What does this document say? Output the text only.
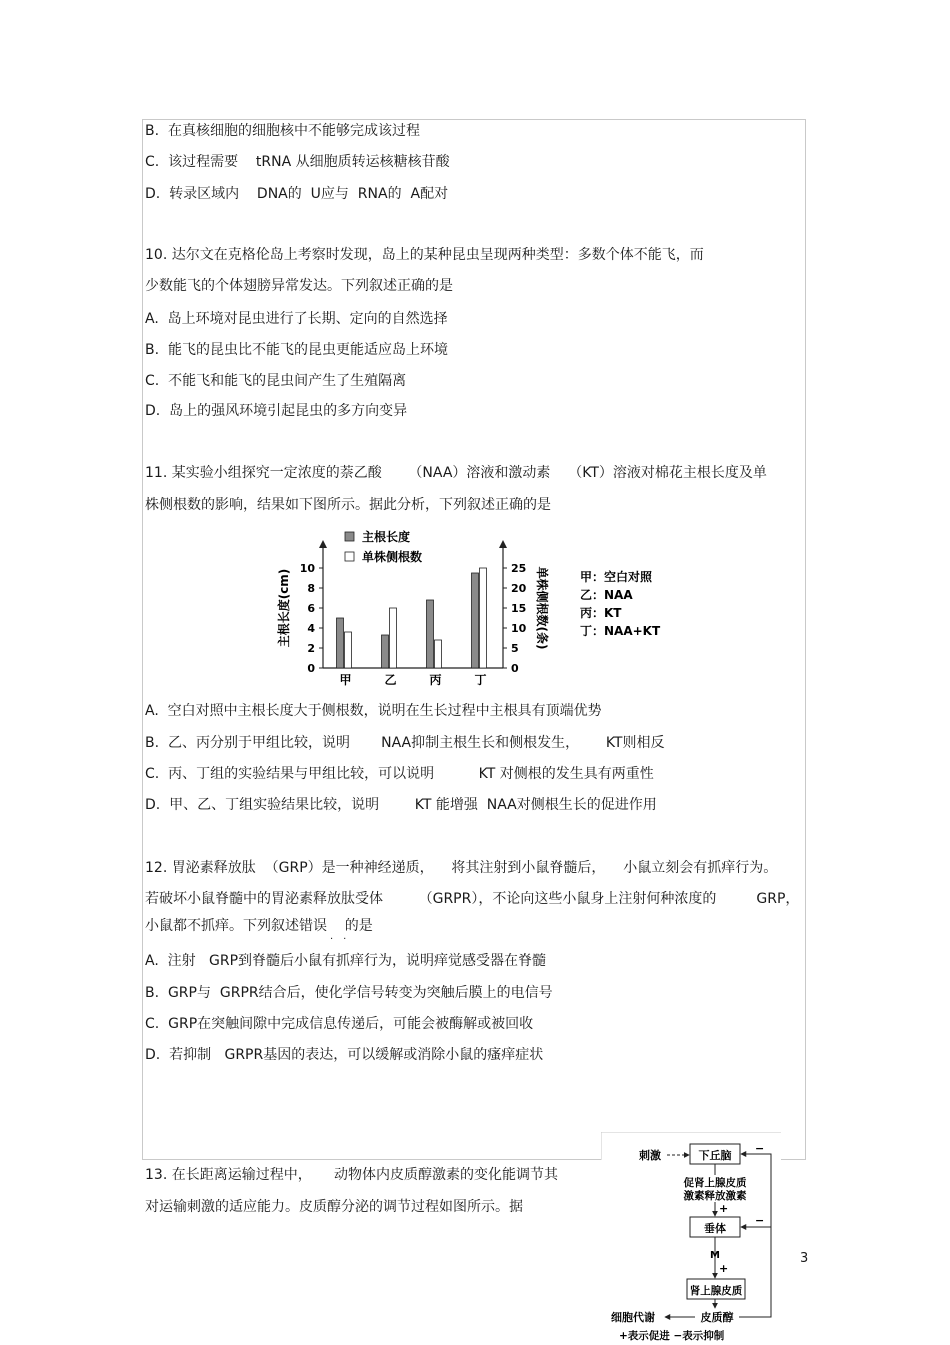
B.  在真核细胞的细胞核中不能够完成该过程
C.  该过程需要    tRNA 从细胞质转运核糖核苷酸
D.  转录区域内    DNA的  U应与  RNA的  A配对
10. 达尔文在克格伦岛上考察时发现，岛上的某种昆虫呈现两种类型：多数个体不能飞，而
少数能飞的个体翅膀异常发达。下列叙述正确的是
A.  岛上环境对昆虫进行了长期、定向的自然选择
B.  能飞的昆虫比不能飞的昆虫更能适应岛上环境
C.  不能飞和能飞的昆虫间产生了生殖隔离
D.  岛上的强风环境引起昆虫的多方向变异
11. 某实验小组探究一定浓度的萘乙酸      （NAA）溶液和激动素    （KT）溶液对棉花主根长度及单
株侧根数的影响，结果如下图所示。据此分析，下列叙述正确的是
0
2
4
6
8
10
0
5
10
15
20
25
甲	乙	丙	丁
主根长度(cm)	单株侧根数(条)
主根长度
单株侧根数
甲：空白对照
乙：NAA
丙：KT
丁：NAA+KT
A.  空白对照中主根长度大于侧根数，说明在生长过程中主根具有顶端优势
B.  乙、丙分别于甲组比较，说明       NAA抑制主根生长和侧根发生，      KT则相反
C.  丙、丁组的实验结果与甲组比较，可以说明          KT 对侧根的发生具有两重性
D.  甲、乙、丁组实验结果比较，说明        KT 能增强  NAA对侧根生长的促进作用
12. 胃泌素释放肽  （GRP）是一种神经递质，    将其注射到小鼠脊髓后，    小鼠立刻会有抓痒行为。
若破坏小鼠脊髓中的胃泌素释放肽受体        （GRPR），不论向这些小鼠身上注射何种浓度的         GRP，
小鼠都不抓痒。下列叙述错误    的是
..
A.  注射   GRP到脊髓后小鼠有抓痒行为，说明痒觉感受器在脊髓
B.  GRP与  GRPR结合后，使化学信号转变为突触后膜上的电信号
C.  GRP在突触间隙中完成信息传递后，可能会被酶解或被回收
D.  若抑制   GRPR基因的表达，可以缓解或消除小鼠的瘙痒症状
13. 在长距离运输过程中，     动物体内皮质醇激素的变化能调节其
对运输刺激的适应能力。皮质醇分泌的调节过程如图所示。据
刺激	下丘脑
促肾上腺皮质
激素释放激素
+
垂体
M
+
肾上腺皮质
皮质醇
细胞代谢
−
−
+表示促进 −表示抑制
3
